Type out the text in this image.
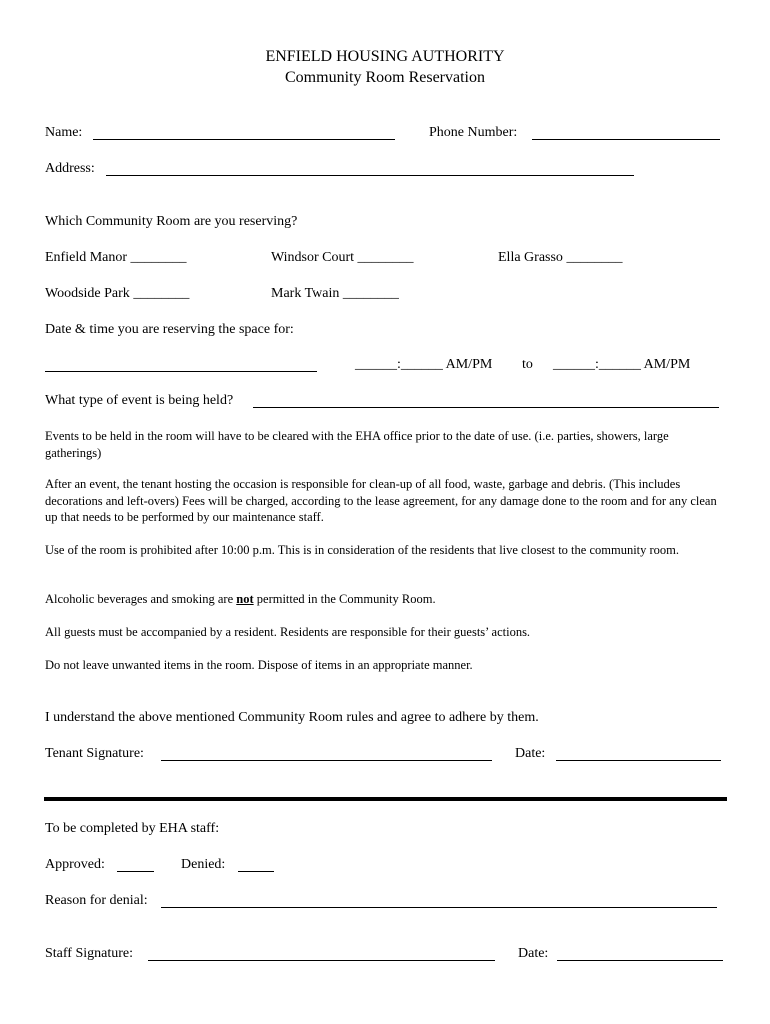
ENFIELD HOUSING AUTHORITY
Community Room Reservation
Name:	Phone Number:
Address:
Which Community Room are you reserving?
Enfield Manor ________	Windsor Court ________	Ella Grasso ________
Woodside Park ________	Mark Twain ________
Date & time you are reserving the space for:
______:______ AM/PM to ______:______ AM/PM
What type of event is being held?
Events to be held in the room will have to be cleared with the EHA office prior to the date of use. (i.e. parties, showers, large gatherings)
After an event, the tenant hosting the occasion is responsible for clean-up of all food, waste, garbage and debris. (This includes decorations and left-overs) Fees will be charged, according to the lease agreement, for any damage done to the room and for any clean up that needs to be performed by our maintenance staff.
Use of the room is prohibited after 10:00 p.m. This is in consideration of the residents that live closest to the community room.
Alcoholic beverages and smoking are not permitted in the Community Room.
All guests must be accompanied by a resident. Residents are responsible for their guests’ actions.
Do not leave unwanted items in the room. Dispose of items in an appropriate manner.
I understand the above mentioned Community Room rules and agree to adhere by them.
Tenant Signature:	Date:
To be completed by EHA staff:
Approved:	Denied:
Reason for denial:
Staff Signature:	Date:
